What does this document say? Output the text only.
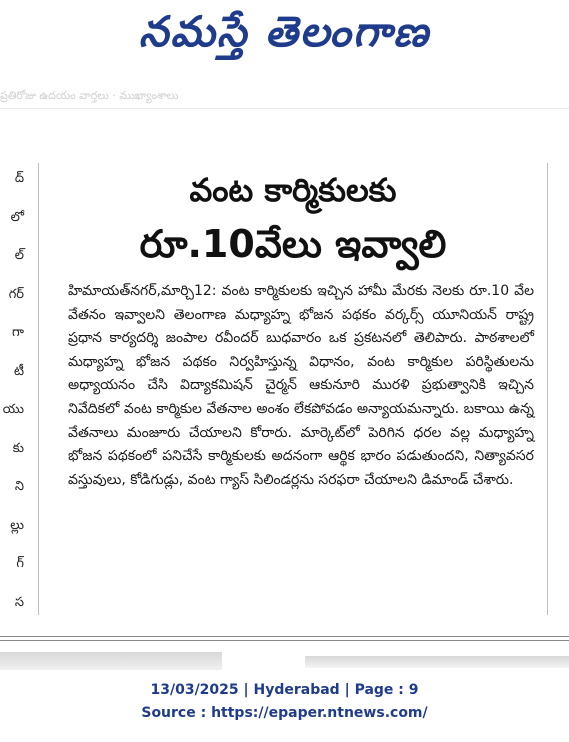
నమస్తే తెలంగాణ
ప్రతిరోజు ఉదయం వార్తలు · ముఖ్యాంశాలు
ద్
లో
ల్
గర్
గా
టీ
యు
కు
ని
ల్లు
గ్
స
వంట కార్మికులకు
రూ.10వేలు ఇవ్వాలి
హిమాయత్‌నగర్,మార్చి12: వంట కార్మికులకు ఇచ్చిన హామీ మేరకు నెలకు రూ.10 వేల వేతనం ఇవ్వాలని తెలంగాణ మధ్యాహ్న భోజన పథకం వర్కర్స్ యూనియన్ రాష్ట్ర ప్రధాన కార్యదర్శి జంపాల రవీందర్ బుధవారం ఒక ప్రకటనలో తెలిపారు. పాఠశాలలో మధ్యాహ్న భోజన పథకం నిర్వహిస్తున్న విధానం, వంట కార్మికుల పరిస్థితులను అధ్యాయనం చేసి విద్యాకమిషన్ చైర్మన్ ఆకునూరి మురళి ప్రభుత్వానికి ఇచ్చిన నివేదికలో వంట కార్మికుల వేతనాల అంశం లేకపోవడం అన్యాయమన్నారు. బకాయి ఉన్న వేతనాలు మంజూరు చేయాలని కోరారు. మార్కెట్‌లో పెరిగిన ధరల వల్ల మధ్యాహ్న భోజన పథకంలో పనిచేసే కార్మికులకు అదనంగా ఆర్థిక భారం పడుతుందని, నిత్యావసర వస్తువులు, కోడిగుడ్లు, వంట గ్యాస్ సిలిండర్లను సరఫరా చేయాలని డిమాండ్ చేశారు.
13/03/2025 | Hyderabad | Page : 9
Source : https://epaper.ntnews.com/
